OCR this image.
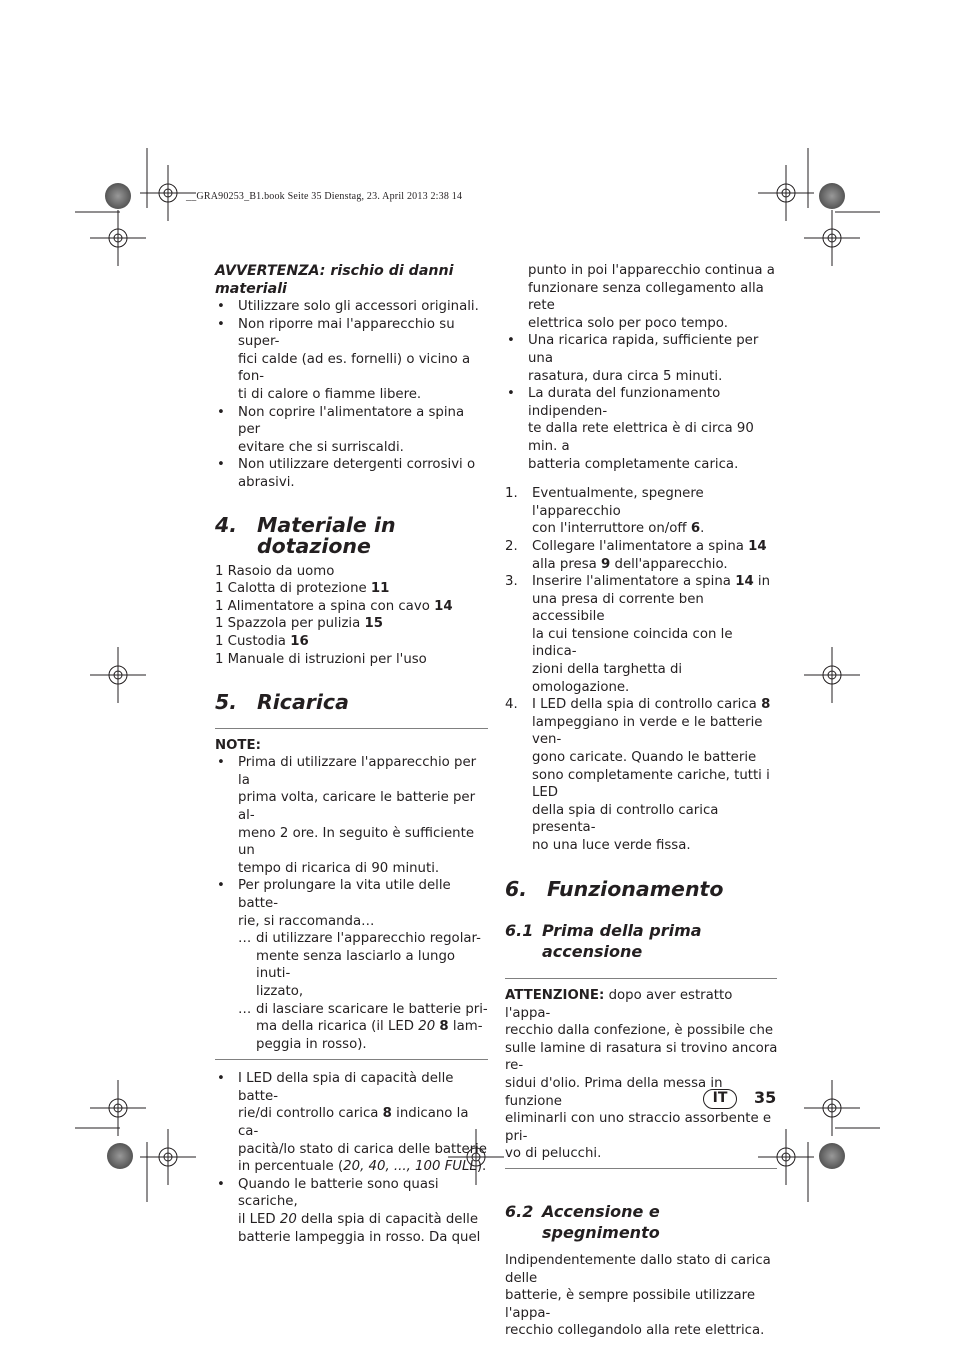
__GRA90253_B1.book Seite 35 Dienstag, 23. April 2013 2:38 14
AVVERTENZA: rischio di danni
materiali
• Utilizzare solo gli accessori originali.
• Non riporre mai l'apparecchio su super-
fici calde (ad es. fornelli) o vicino a fon-
ti di calore o fiamme libere.
• Non coprire l'alimentatore a spina per
evitare che si surriscaldi.
• Non utilizzare detergenti corrosivi o
abrasivi.
4. Materiale in
dotazione
1 Rasoio da uomo
1 Calotta di protezione 11
1 Alimentatore a spina con cavo 14
1 Spazzola per pulizia 15
1 Custodia 16
1 Manuale di istruzioni per l'uso
5. Ricarica
NOTE:
• Prima di utilizzare l'apparecchio per la
prima volta, caricare le batterie per al-
meno 2 ore. In seguito è sufficiente un
tempo di ricarica di 90 minuti.
• Per prolungare la vita utile delle batte-
rie, si raccomanda…
… di utilizzare l'apparecchio regolar-
mente senza lasciarlo a lungo inuti-
lizzato,
… di lasciare scaricare le batterie pri-
ma della ricarica (il LED 20 8 lam-
peggia in rosso).
• I LED della spia di capacità delle batte-
rie/di controllo carica 8 indicano la ca-
pacità/lo stato di carica delle batterie
in percentuale (20, 40, ..., 100 FULL).
• Quando le batterie sono quasi scariche,
il LED 20 della spia di capacità delle
batterie lampeggia in rosso. Da quel
punto in poi l'apparecchio continua a
funzionare senza collegamento alla rete
elettrica solo per poco tempo.
• Una ricarica rapida, sufficiente per una
rasatura, dura circa 5 minuti.
• La durata del funzionamento indipenden-
te dalla rete elettrica è di circa 90 min. a
batteria completamente carica.
1. Eventualmente, spegnere l'apparecchio
con l'interruttore on/off 6.
2. Collegare l'alimentatore a spina 14
alla presa 9 dell'apparecchio.
3. Inserire l'alimentatore a spina 14 in
una presa di corrente ben accessibile
la cui tensione coincida con le indica-
zioni della targhetta di omologazione.
4. I LED della spia di controllo carica 8
lampeggiano in verde e le batterie ven-
gono caricate. Quando le batterie
sono completamente cariche, tutti i LED
della spia di controllo carica presenta-
no una luce verde fissa.
6. Funzionamento
6.1 Prima della prima
accensione
ATTENZIONE: dopo aver estratto l'appa-
recchio dalla confezione, è possibile che
sulle lamine di rasatura si trovino ancora re-
sidui d'olio. Prima della messa in funzione
eliminarli con uno straccio assorbente e pri-
vo di pelucchi.
6.2 Accensione e
spegnimento
Indipendentemente dallo stato di carica delle
batterie, è sempre possibile utilizzare l'appa-
recchio collegandolo alla rete elettrica.
IT	35
